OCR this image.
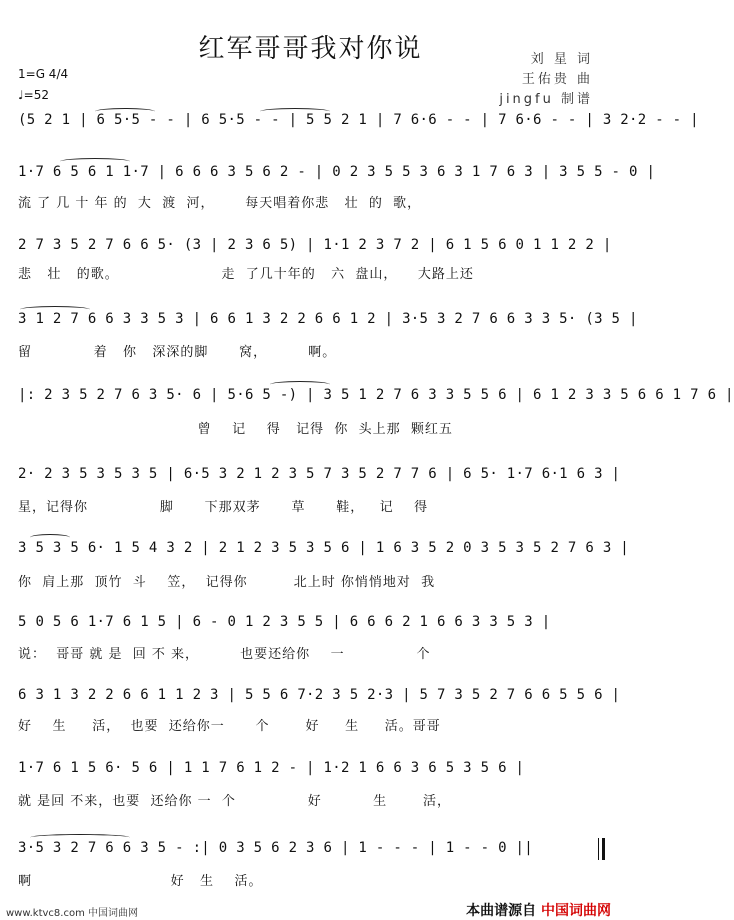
红军哥哥我对你说	刘 星 词
王佑贵 曲
jingfu 制谱
1=G 4/4
♩=52
(5 2 1 | 6 5·5 - - | 6 5·5 - - | 5 5 2 1 | 7 6·6 - - | 7 6·6 - - | 3 2·2 - - |
1·7 6 5 6 1 1·7 | 6 6 6 3 5 6 2 - | 0 2 3 5 5 3 6 3 1 7 6 3 | 3 5 5 - 0 |
流 了 几 十 年 的  大  渡  河，      每天唱着你悲   壮  的  歌，
2 7 3 5 2 7 6 6 5· (3 | 2 3 6 5) | 1·1 2 3 7 2 | 6 1 5 6 0 1 1 2 2 |
悲   壮   的歌。                    走  了几十年的   六  盘山，    大路上还
3 1 2 7 6 6 3 3 5 3 | 6 6 1 3 2 2 6 6 1 2 | 3·5 3 2 7 6 6 3 3 5· (3 5 |
留            着   你   深深的脚      窝，        啊。
|: 2 3 5 2 7 6 3 5· 6 | 5·6 5 -) | 3 5 1 2 7 6 3 3 5 5 6 | 6 1 2 3 3 5 6 6 1 7 6 |
曾    记    得   记得  你  头上那  颗红五
2· 2 3 5 3 5 3 5 | 6·5 3 2 1 2 3 5 7 3 5 2 7 7 6 | 6 5· 1·7 6·1 6 3 |
星，记得你              脚      下那双茅      草      鞋，   记    得
3 5 3 5 6· 1 5 4 3 2 | 2 1 2 3 5 3 5 6 | 1 6 3 5 2 0 3 5 3 5 2 7 6 3 |
你  肩上那  顶竹  斗    笠，  记得你         北上时 你悄悄地对  我
5 0 5 6 1·7 6 1 5 | 6 - 0 1 2 3 5 5 | 6 6 6 2 1 6 6 3 3 5 3 |
说：  哥哥 就 是  回 不 来，        也要还给你    一              个
6 3 1 3 2 2 6 6 1 1 2 3 | 5 5 6 7·2 3 5 2·3 | 5 7 3 5 2 7 6 6 5 5 6 |
好    生     活，  也要  还给你一      个       好     生     活。哥哥
1·7 6 1 5 6· 5 6 | 1 1 7 6 1 2 - | 1·2 1 6 6 3 6 5 3 5 6 |
就 是回 不来，也要  还给你 一  个              好          生       活，
3·5 3 2 7 6 6 3 5 - :| 0 3 5 6 2 3 6 | 1 - - - | 1 - - 0 ||
啊                           好   生    活。
www.ktvc8.com 中国词曲网	本曲谱源自 中国词曲网
